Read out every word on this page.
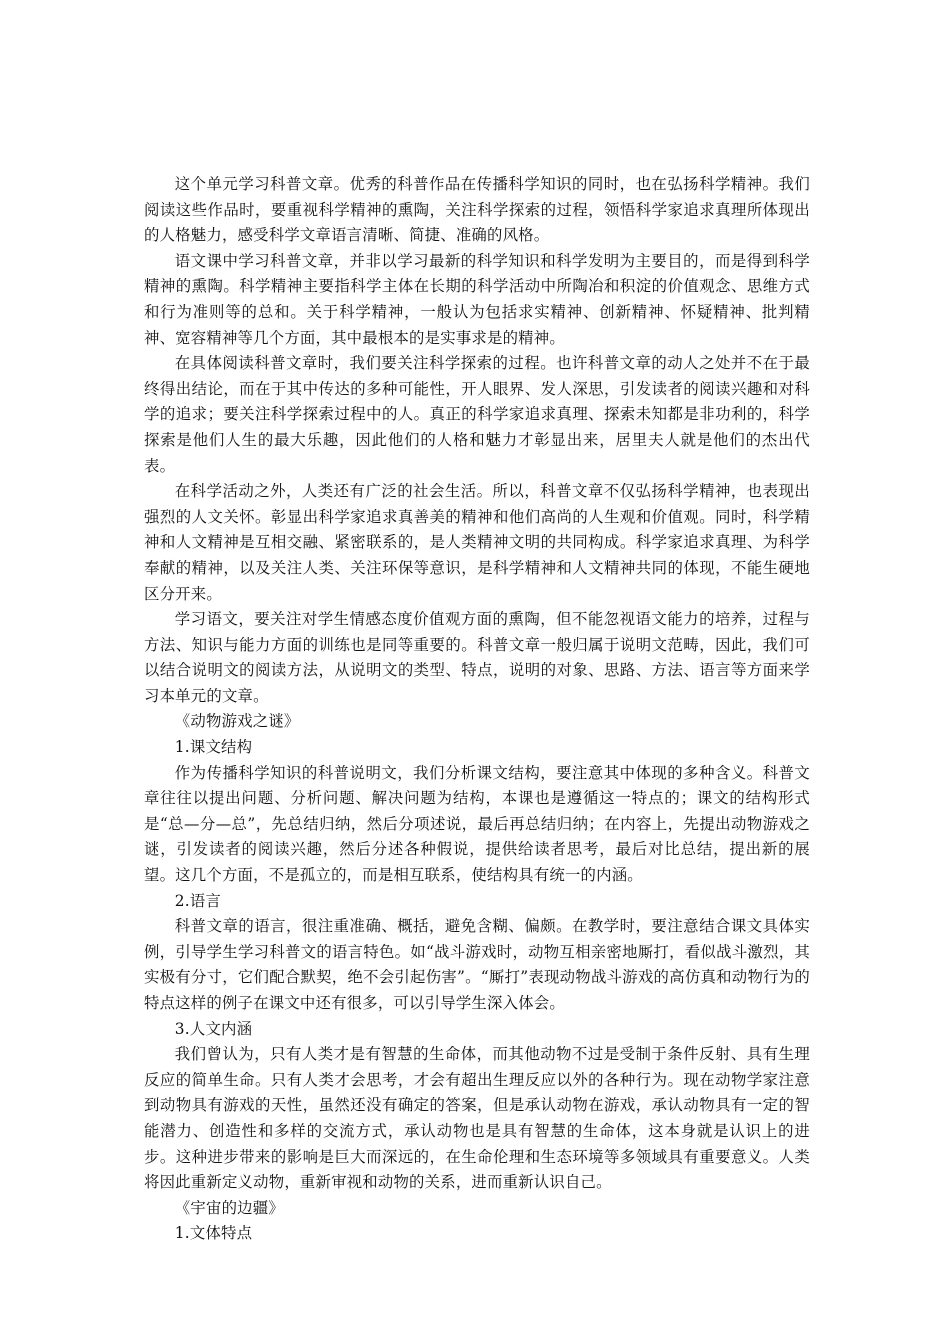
这个单元学习科普文章。优秀的科普作品在传播科学知识的同时，也在弘扬科学精神。我们阅读这些作品时，要重视科学精神的熏陶，关注科学探索的过程，领悟科学家追求真理所体现出的人格魅力，感受科学文章语言清晰、简捷、准确的风格。

语文课中学习科普文章，并非以学习最新的科学知识和科学发明为主要目的，而是得到科学精神的熏陶。科学精神主要指科学主体在长期的科学活动中所陶冶和积淀的价值观念、思维方式和行为准则等的总和。关于科学精神，一般认为包括求实精神、创新精神、怀疑精神、批判精神、宽容精神等几个方面，其中最根本的是实事求是的精神。

在具体阅读科普文章时，我们要关注科学探索的过程。也许科普文章的动人之处并不在于最终得出结论，而在于其中传达的多种可能性，开人眼界、发人深思，引发读者的阅读兴趣和对科学的追求；要关注科学探索过程中的人。真正的科学家追求真理、探索未知都是非功利的，科学探索是他们人生的最大乐趣，因此他们的人格和魅力才彰显出来，居里夫人就是他们的杰出代表。

在科学活动之外，人类还有广泛的社会生活。所以，科普文章不仅弘扬科学精神，也表现出强烈的人文关怀。彰显出科学家追求真善美的精神和他们高尚的人生观和价值观。同时，科学精神和人文精神是互相交融、紧密联系的，是人类精神文明的共同构成。科学家追求真理、为科学奉献的精神，以及关注人类、关注环保等意识，是科学精神和人文精神共同的体现，不能生硬地区分开来。

学习语文，要关注对学生情感态度价值观方面的熏陶，但不能忽视语文能力的培养，过程与方法、知识与能力方面的训练也是同等重要的。科普文章一般归属于说明文范畴，因此，我们可以结合说明文的阅读方法，从说明文的类型、特点，说明的对象、思路、方法、语言等方面来学习本单元的文章。

《动物游戏之谜》

1.课文结构

作为传播科学知识的科普说明文，我们分析课文结构，要注意其中体现的多种含义。科普文章往往以提出问题、分析问题、解决问题为结构，本课也是遵循这一特点的；课文的结构形式是“总—分—总”，先总结归纳，然后分项述说，最后再总结归纳；在内容上，先提出动物游戏之谜，引发读者的阅读兴趣，然后分述各种假说，提供给读者思考，最后对比总结，提出新的展望。这几个方面，不是孤立的，而是相互联系，使结构具有统一的内涵。

2.语言

科普文章的语言，很注重准确、概括，避免含糊、偏颇。在教学时，要注意结合课文具体实例，引导学生学习科普文的语言特色。如“战斗游戏时，动物互相亲密地厮打，看似战斗激烈，其实极有分寸，它们配合默契，绝不会引起伤害”。“厮打”表现动物战斗游戏的高仿真和动物行为的特点这样的例子在课文中还有很多，可以引导学生深入体会。

3.人文内涵

我们曾认为，只有人类才是有智慧的生命体，而其他动物不过是受制于条件反射、具有生理反应的简单生命。只有人类才会思考，才会有超出生理反应以外的各种行为。现在动物学家注意到动物具有游戏的天性，虽然还没有确定的答案，但是承认动物在游戏，承认动物具有一定的智能潜力、创造性和多样的交流方式，承认动物也是具有智慧的生命体，这本身就是认识上的进步。这种进步带来的影响是巨大而深远的，在生命伦理和生态环境等多领域具有重要意义。人类将因此重新定义动物，重新审视和动物的关系，进而重新认识自己。

《宇宙的边疆》

1.文体特点
